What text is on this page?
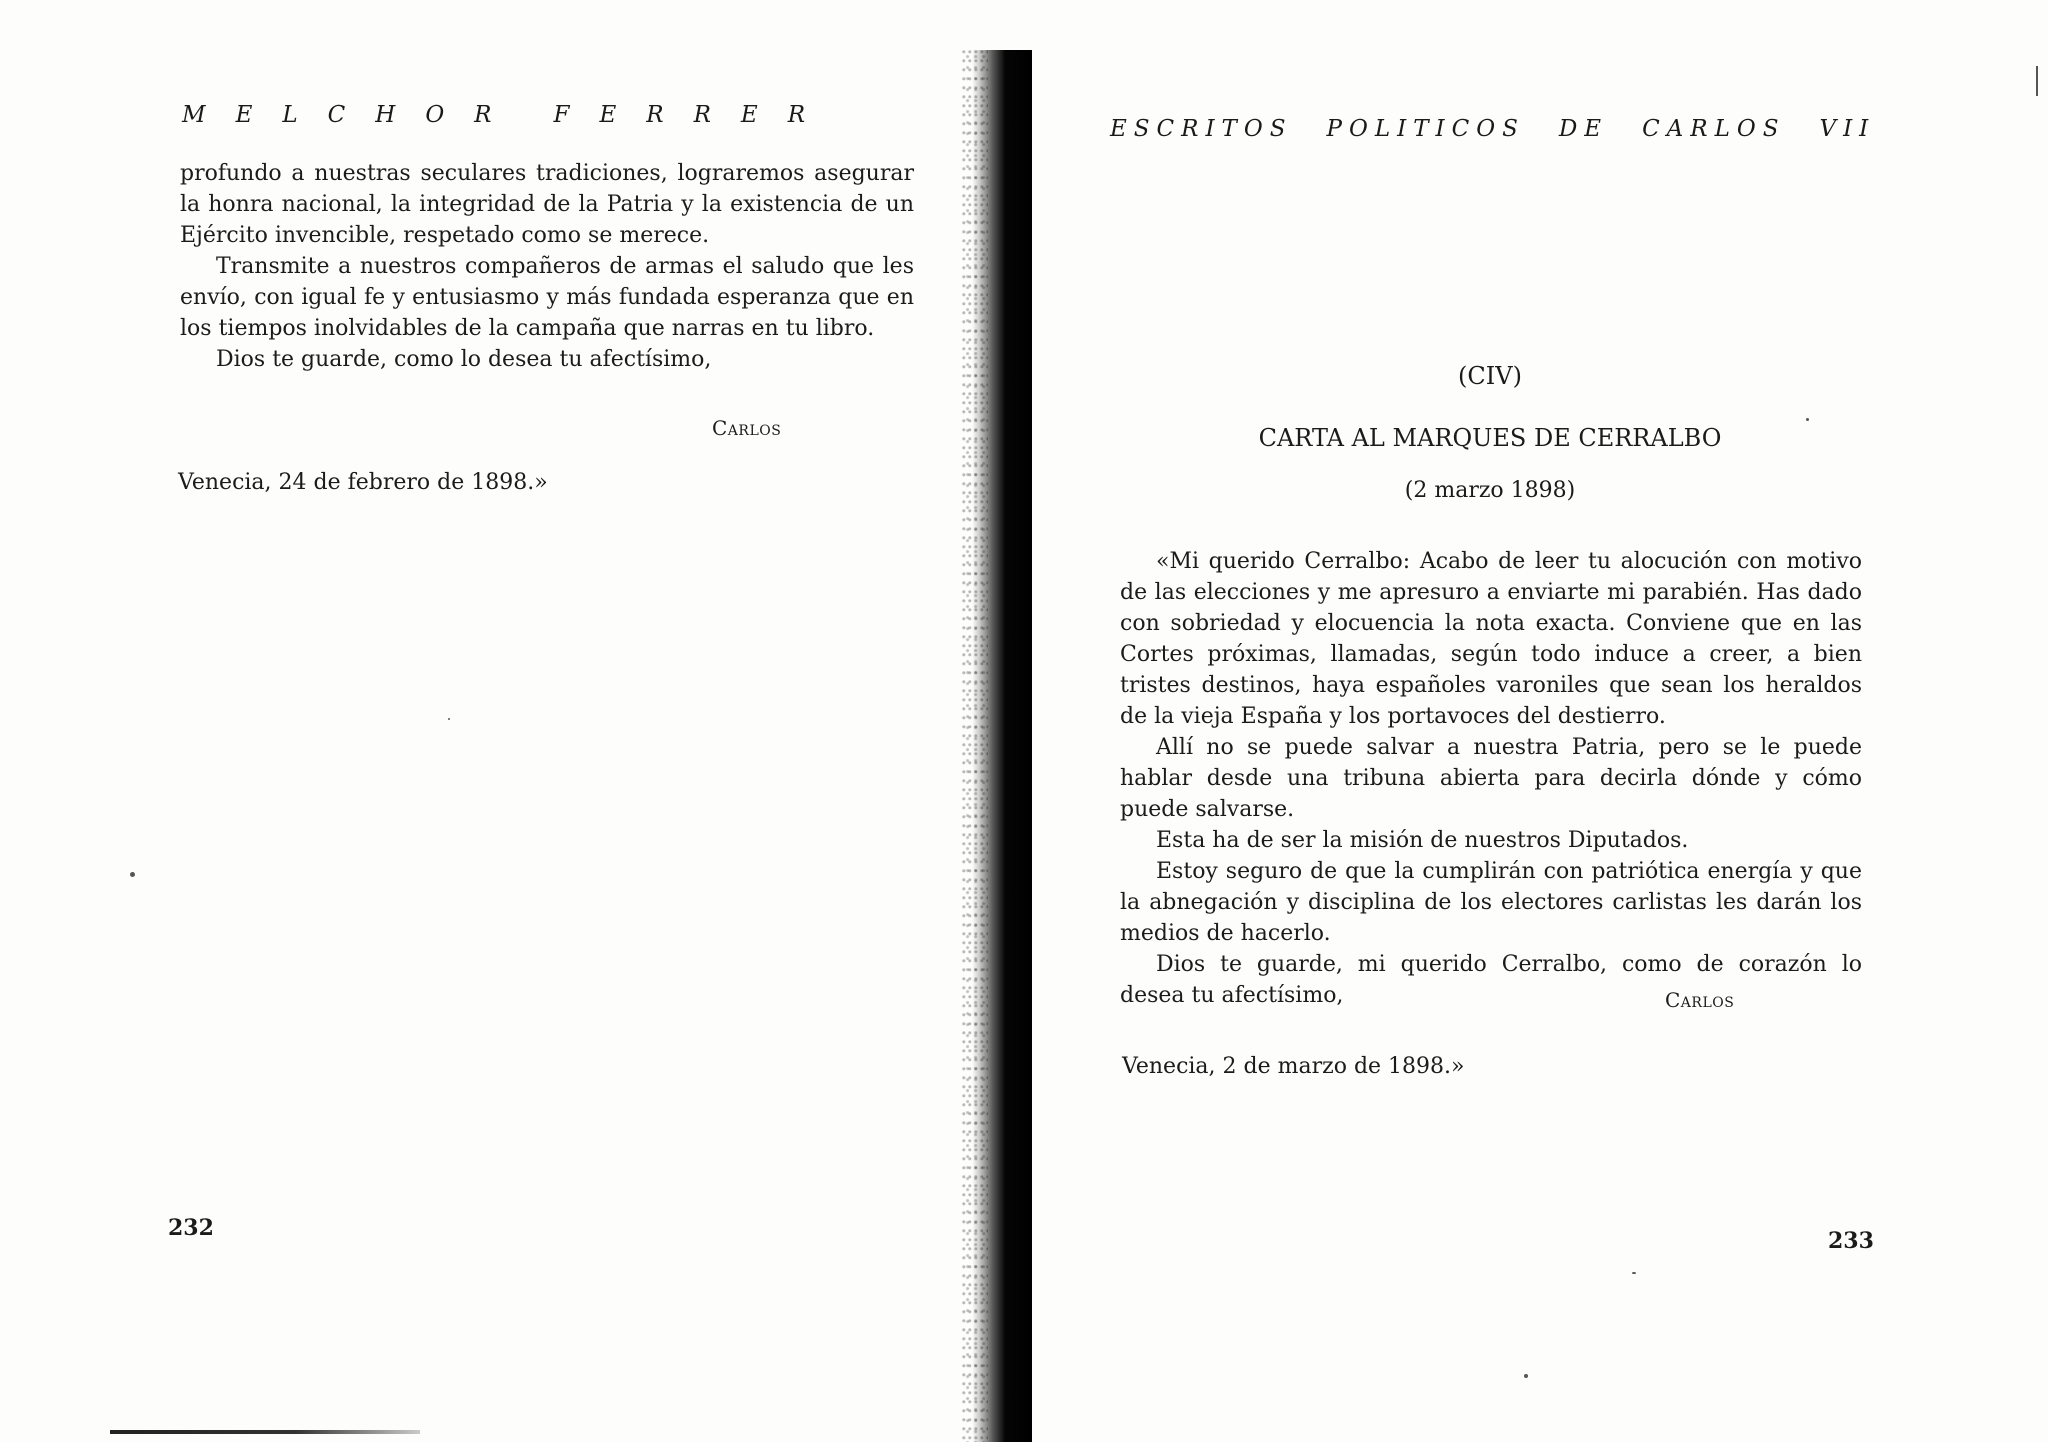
M E L C H O R	F E R R E R

profundo a nuestras seculares tradiciones, lograremos asegurar la honra nacional, la integridad de la Patria y la existencia de un Ejército invencible, respetado como se merece.

Transmite a nuestros compañeros de armas el saludo que les envío, con igual fe y entusiasmo y más fundada esperanza que en los tiempos inolvidables de la campaña que narras en tu libro.

Dios te guarde, como lo desea tu afectísimo,

Carlos
Venecia, 24 de febrero de 1898.»
232
ESCRITOS POLITICOS DE CARLOS VII
(CIV)
CARTA AL MARQUES DE CERRALBO
(2 marzo 1898)

«Mi querido Cerralbo: Acabo de leer tu alocución con motivo de las elecciones y me apresuro a enviarte mi parabién. Has dado con sobriedad y elocuencia la nota exacta. Conviene que en las Cortes próximas, llamadas, según todo induce a creer, a bien tristes destinos, haya españoles varoniles que sean los heraldos de la vieja España y los portavoces del destierro.

Allí no se puede salvar a nuestra Patria, pero se le puede hablar desde una tribuna abierta para decirla dónde y cómo puede salvarse.

Esta ha de ser la misión de nuestros Diputados.

Estoy seguro de que la cumplirán con patriótica energía y que la abnegación y disciplina de los electores carlistas les darán los medios de hacerlo.

Dios te guarde, mi querido Cerralbo, como de corazón lo desea tu afectísimo,	Carlos
Venecia, 2 de marzo de 1898.»
233
